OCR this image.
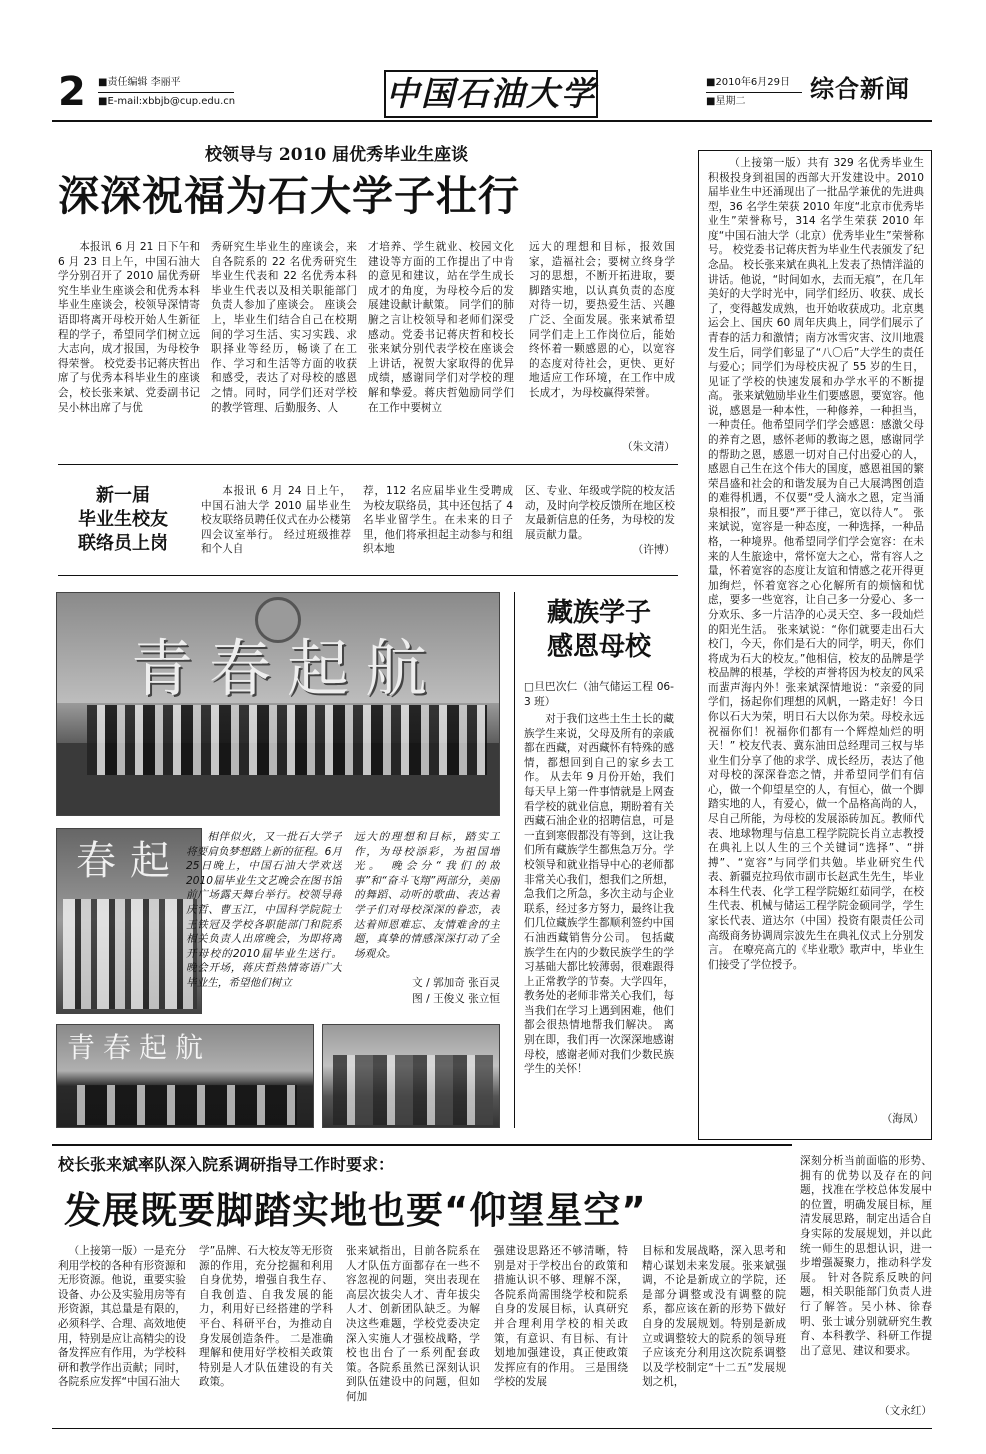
2 ■责任编辑 李丽平
■E-mail:xbbjb@cup.edu.cn	中国石油大学	■2010年6月29日
■星期二	综合新闻
校领导与 2010 届优秀毕业生座谈
深深祝福为石大学子壮行
本报讯 6 月 21 日下午和 6 月 23 日上午，中国石油大学分别召开了 2010 届优秀研究生毕业生座谈会和优秀本科毕业生座谈会，校领导深情寄语即将离开母校开始人生新征程的学子，希望同学们树立远大志向，成才报国，为母校争得荣誉。 校党委书记蒋庆哲出席了与优秀本科毕业生的座谈会，校长张来斌、党委副书记吴小林出席了与优
秀研究生毕业生的座谈会，来自各院系的 22 名优秀研究生毕业生代表和 22 名优秀本科毕业生代表以及相关职能部门负责人参加了座谈会。 座谈会上，毕业生们结合自己在校期间的学习生活、实习实践、求职择业等经历，畅谈了在工作、学习和生活等方面的收获和感受，表达了对母校的感恩之情。同时，同学们还对学校的教学管理、后勤服务、人
才培养、学生就业、校园文化建设等方面的工作提出了中肯的意见和建议，站在学生成长成才的角度，为母校今后的发展建设献计献策。 同学们的肺腑之言让校领导和老师们深受感动。党委书记蒋庆哲和校长张来斌分别代表学校在座谈会上讲话，祝贺大家取得的优异成绩，感谢同学们对学校的理解和挚爱。蒋庆哲勉励同学们在工作中要树立
远大的理想和目标，报效国家，造福社会；要树立终身学习的思想，不断开拓进取，要脚踏实地，以认真负责的态度对待一切，要热爱生活、兴趣广泛、全面发展。张来斌希望同学们走上工作岗位后，能始终怀着一颗感恩的心，以宽容的态度对待社会，更快、更好地适应工作环境，在工作中成长成才，为母校赢得荣誉。
（朱文清）
新一届
毕业生校友
联络员上岗
本报讯 6 月 24 日上午，中国石油大学 2010 届毕业生校友联络员聘任仪式在办公楼第四会议室举行。 经过班级推荐和个人自
荐，112 名应届毕业生受聘成为校友联络员，其中还包括了 4 名毕业留学生。在未来的日子里，他们将承担起主动参与和组织本地
区、专业、年级或学院的校友活动，及时向学校反馈所在地区校友最新信息的任务，为母校的发展贡献力量。
（许博）
青春起航
春起
相伴似火，又一批石大学子将要肩负梦想踏上新的征程。6月25日晚上，中国石油大学欢送2010届毕业生文艺晚会在图书馆前广场露天舞台举行。校领导蒋庆哲、曹玉江，中国科学院院士王铁冠及学校各职能部门和院系相关负责人出席晚会，为即将离开母校的2010届毕业生送行。 晚会开场，蒋庆哲热情寄语广大毕业生，希望他们树立
远大的理想和目标，踏实工作，为母校添彩，为祖国增光。 晚会分“我们的故事”和“奋斗飞翔”两部分，美丽的舞蹈、动听的歌曲、表达着学子们对母校深深的眷恋，表达着师恩难忘、友情难舍的主题，真挚的情感深深打动了全场观众。
文 / 郭加奇 张百灵
图 / 王俊义 张立恒
青春起航
藏族学子
感恩母校
□旦巴次仁（油气储运工程 06-3 班）
对于我们这些土生土长的藏族学生来说，父母及所有的亲戚都在西藏，对西藏怀有特殊的感情，都想回到自己的家乡去工作。 从去年 9 月份开始，我们每天早上第一件事情就是上网查看学校的就业信息，期盼着有关西藏石油企业的招聘信息，可是一直到寒假都没有等到，这让我们所有藏族学生都焦急万分。学校领导和就业指导中心的老师都非常关心我们，想我们之所想，急我们之所急，多次主动与企业联系，经过多方努力，最终让我们几位藏族学生都顺利签约中国石油西藏销售分公司。 包括藏族学生在内的少数民族学生的学习基础大都比较薄弱，很难跟得上正常教学的节奏。大学四年，教务处的老师非常关心我们，每当我们在学习上遇到困难，他们都会很热情地帮我们解决。 离别在即，我们再一次深深地感谢母校，感谢老师对我们少数民族学生的关怀！
（上接第一版）共有 329 名优秀毕业生积极投身到祖国的西部大开发建设中。2010 届毕业生中还涌现出了一批品学兼优的先进典型，36 名学生荣获 2010 年度“北京市优秀毕业生”荣誉称号，314 名学生荣获 2010 年度“中国石油大学（北京）优秀毕业生”荣誉称号。 校党委书记蒋庆哲为毕业生代表颁发了纪念品。 校长张来斌在典礼上发表了热情洋溢的讲话。他说，“时间如水，去而无痕”，在几年美好的大学时光中，同学们经历、收获、成长了，变得越发成熟，也开始收获成功。北京奥运会上、国庆 60 周年庆典上，同学们展示了青春的活力和激情；南方冰雪灾害、汶川地震发生后，同学们彰显了“八〇后”大学生的责任与爱心；同学们为母校庆祝了 55 岁的生日，见证了学校的快速发展和办学水平的不断提高。 张来斌勉励毕业生们要感恩，要宽容。他说，感恩是一种本性，一种修养，一种担当，一种责任。他希望同学们学会感恩：感激父母的养育之恩，感怀老师的教诲之恩，感谢同学的帮助之恩，感恩一切对自己付出爱心的人，感恩自己生在这个伟大的国度，感恩祖国的繁荣昌盛和社会的和谐发展为自己大展鸿图创造的难得机遇，不仅要“受人滴水之恩，定当涌泉相报”，而且要“严于律己，宽以待人”。 张来斌说，宽容是一种态度，一种选择，一种品格，一种境界。他希望同学们学会宽容：在未来的人生旅途中，常怀宽大之心，常有容人之量，怀着宽容的态度让友谊和情感之花开得更加绚烂，怀着宽容之心化解所有的烦恼和忧虑，要多一些宽容，让自己多一分爱心、多一分欢乐、多一片洁净的心灵天空、多一段灿烂的阳光生活。 张来斌说：“你们就要走出石大校门，今天，你们是石大的同学，明天，你们将成为石大的校友。”他相信，校友的品牌是学校品牌的根基，学校的声誉将因为校友的风采而蜚声海内外！张来斌深情地说：“亲爱的同学们，扬起你们理想的风帆，一路走好！今日你以石大为荣，明日石大以你为荣。母校永远祝福你们！祝福你们都有一个辉煌灿烂的明天！” 校友代表、冀东油田总经理司三权与毕业生们分享了他的求学、成长经历，表达了他对母校的深深眷恋之情，并希望同学们有信心，做一个仰望星空的人，有恒心，做一个脚踏实地的人，有爱心，做一个品格高尚的人，尽自己所能，为母校的发展添砖加瓦。教师代表、地球物理与信息工程学院院长肖立志教授在典礼上以人生的三个关键词“选择”、“拼搏”、“宽容”与同学们共勉。毕业研究生代表、新疆克拉玛依市副市长赵武生先生，毕业本科生代表、化学工程学院姬红茹同学，在校生代表、机械与储运工程学院金硕同学，学生家长代表、道达尔（中国）投资有限责任公司高级商务协调周宗波先生在典礼仪式上分别发言。 在嘹亮高亢的《毕业歌》歌声中，毕业生们接受了学位授予。
（海凤）
校长张来斌率队深入院系调研指导工作时要求：
发展既要脚踏实地也要“仰望星空”
深刻分析当前面临的形势、拥有的优势以及存在的问题，找准在学校总体发展中的位置，明确发展目标，厘清发展思路，制定出适合自身实际的发展规划，并以此统一师生的思想认识，进一步增强凝聚力，推动科学发展。 针对各院系反映的问题，相关职能部门负责人进行了解答。吴小林、徐春明、张士诚分别就研究生教育、本科教学、科研工作提出了意见、建议和要求。
（上接第一版）一是充分利用学校的各种有形资源和无形资源。他说，重要实验设备、办公及实验用房等有形资源，其总量是有限的，必须科学、合理、高效地使用，特别是应让高精尖的设备发挥应有作用，为学校科研和教学作出贡献；同时，各院系应发挥“中国石油大
学”品牌、石大校友等无形资源的作用，充分挖掘和利用自身优势，增强自我生存、自我创造、自我发展的能力，利用好已经搭建的学科平台、科研平台，为推动自身发展创造条件。 二是准确理解和使用好学校相关政策特别是人才队伍建设的有关政策。
张来斌指出，目前各院系在人才队伍方面都存在一些不容忽视的问题，突出表现在高层次拔尖人才、青年拔尖人才、创新团队缺乏。为解决这些难题，学校党委决定深入实施人才强校战略，学校也出台了一系列配套政策。各院系虽然已深刻认识到队伍建设中的问题，但如何加
强建设思路还不够清晰，特别是对于学校出台的政策和措施认识不够、理解不深，各院系尚需围绕学校和院系自身的发展目标，认真研究并合理利用学校的相关政策，有意识、有目标、有计划地加强建设，真正使政策发挥应有的作用。 三是围绕学校的发展
目标和发展战略，深入思考和精心谋划未来发展。张来斌强调，不论是新成立的学院，还是部分调整或没有调整的院系，都应该在新的形势下做好自身的发展规划。特别是新成立或调整较大的院系的领导班子应该充分利用这次院系调整以及学校制定“十二五”发展规划之机，
（文永红）
